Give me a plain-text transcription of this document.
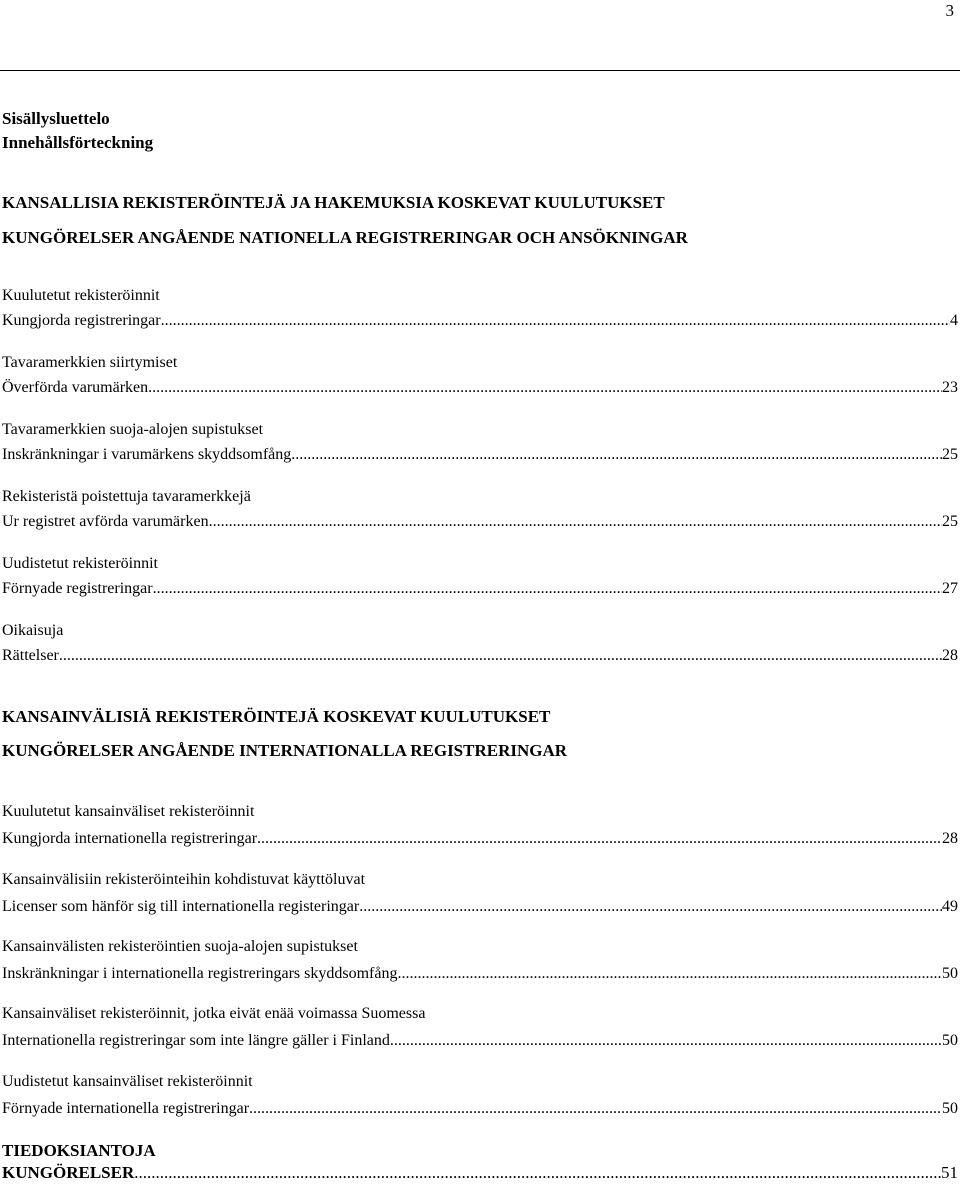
3
Sisällysluettelo
Innehållsförteckning
KANSALLISIA REKISTERÖINTEJÄ JA HAKEMUKSIA KOSKEVAT KUULUTUKSET
KUNGÖRELSER ANGÅENDE NATIONELLA REGISTRERINGAR OCH ANSÖKNINGAR
Kuulutetut rekisteröinnit
Kungjorda registreringar .....	4
Tavaramerkkien siirtymiset
Överförda varumärken .....	23
Tavaramerkkien suoja-alojen supistukset
Inskränkningar i varumärkens skyddsomfång .....	25
Rekisteristä poistettuja tavaramerkkejä
Ur registret avförda varumärken .....	25
Uudistetut rekisteröinnit
Förnyade registreringar .....	27
Oikaisuja
Rättelser .....	28
KANSAINVÄLISIÄ REKISTERÖINTEJÄ KOSKEVAT KUULUTUKSET
KUNGÖRELSER ANGÅENDE INTERNATIONALLA REGISTRERINGAR
Kuulutetut kansainväliset rekisteröinnit
Kungjorda internationella registreringar .....	28
Kansainvälisiin rekisteröinteihin kohdistuvat käyttöluvat
Licenser som hänför sig till internationella registeringar .....	49
Kansainvälisten rekisteröintien suoja-alojen supistukset
Inskränkningar i internationella registreringars skyddsomfång .....	50
Kansainväliset rekisteröinnit, jotka eivät enää voimassa Suomessa
Internationella registreringar som inte längre gäller i Finland .....	50
Uudistetut kansainväliset rekisteröinnit
Förnyade internationella registreringar .....	50
TIEDOKSIANTOJA
KUNGÖRELSER .....	51
